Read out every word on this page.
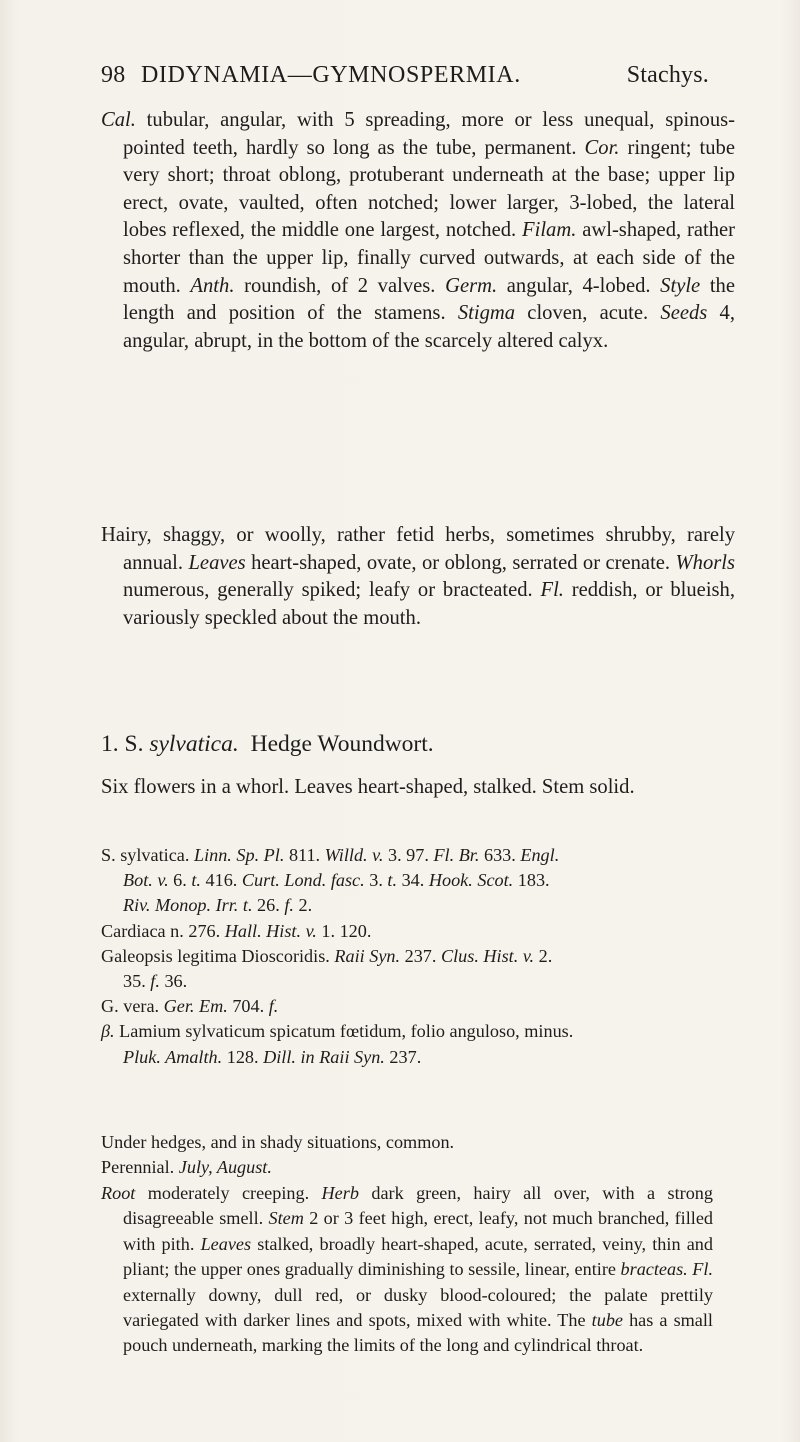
98 DIDYNAMIA—GYMNOSPERMIA.	Stachys.

Cal. tubular, angular, with 5 spreading, more or less unequal, spinous-pointed teeth, hardly so long as the tube, permanent. Cor. ringent; tube very short; throat oblong, protuberant underneath at the base; upper lip erect, ovate, vaulted, often notched; lower larger, 3-lobed, the lateral lobes reflexed, the middle one largest, notched. Filam. awl-shaped, rather shorter than the upper lip, finally curved outwards, at each side of the mouth. Anth. roundish, of 2 valves. Germ. angular, 4-lobed. Style the length and position of the stamens. Stigma cloven, acute. Seeds 4, angular, abrupt, in the bottom of the scarcely altered calyx.

Hairy, shaggy, or woolly, rather fetid herbs, sometimes shrubby, rarely annual. Leaves heart-shaped, ovate, or oblong, serrated or crenate. Whorls numerous, generally spiked; leafy or bracteated. Fl. reddish, or blueish, variously speckled about the mouth.

1. S. sylvatica. Hedge Woundwort.

Six flowers in a whorl. Leaves heart-shaped, stalked. Stem solid.

S. sylvatica. Linn. Sp. Pl. 811. Willd. v. 3. 97. Fl. Br. 633. Engl.

Bot. v. 6. t. 416. Curt. Lond. fasc. 3. t. 34. Hook. Scot. 183.

Riv. Monop. Irr. t. 26. f. 2.

Cardiaca n. 276. Hall. Hist. v. 1. 120.

Galeopsis legitima Dioscoridis. Raii Syn. 237. Clus. Hist. v. 2.

35. f. 36.

G. vera. Ger. Em. 704. f.

β. Lamium sylvaticum spicatum fœtidum, folio anguloso, minus.

Pluk. Amalth. 128. Dill. in Raii Syn. 237.

Under hedges, and in shady situations, common.

Perennial. July, August.

Root moderately creeping. Herb dark green, hairy all over, with a strong disagreeable smell. Stem 2 or 3 feet high, erect, leafy, not much branched, filled with pith. Leaves stalked, broadly heart-shaped, acute, serrated, veiny, thin and pliant; the upper ones gradually diminishing to sessile, linear, entire bracteas. Fl. externally downy, dull red, or dusky blood-coloured; the palate prettily variegated with darker lines and spots, mixed with white. The tube has a small pouch underneath, marking the limits of the long and cylindrical throat.
